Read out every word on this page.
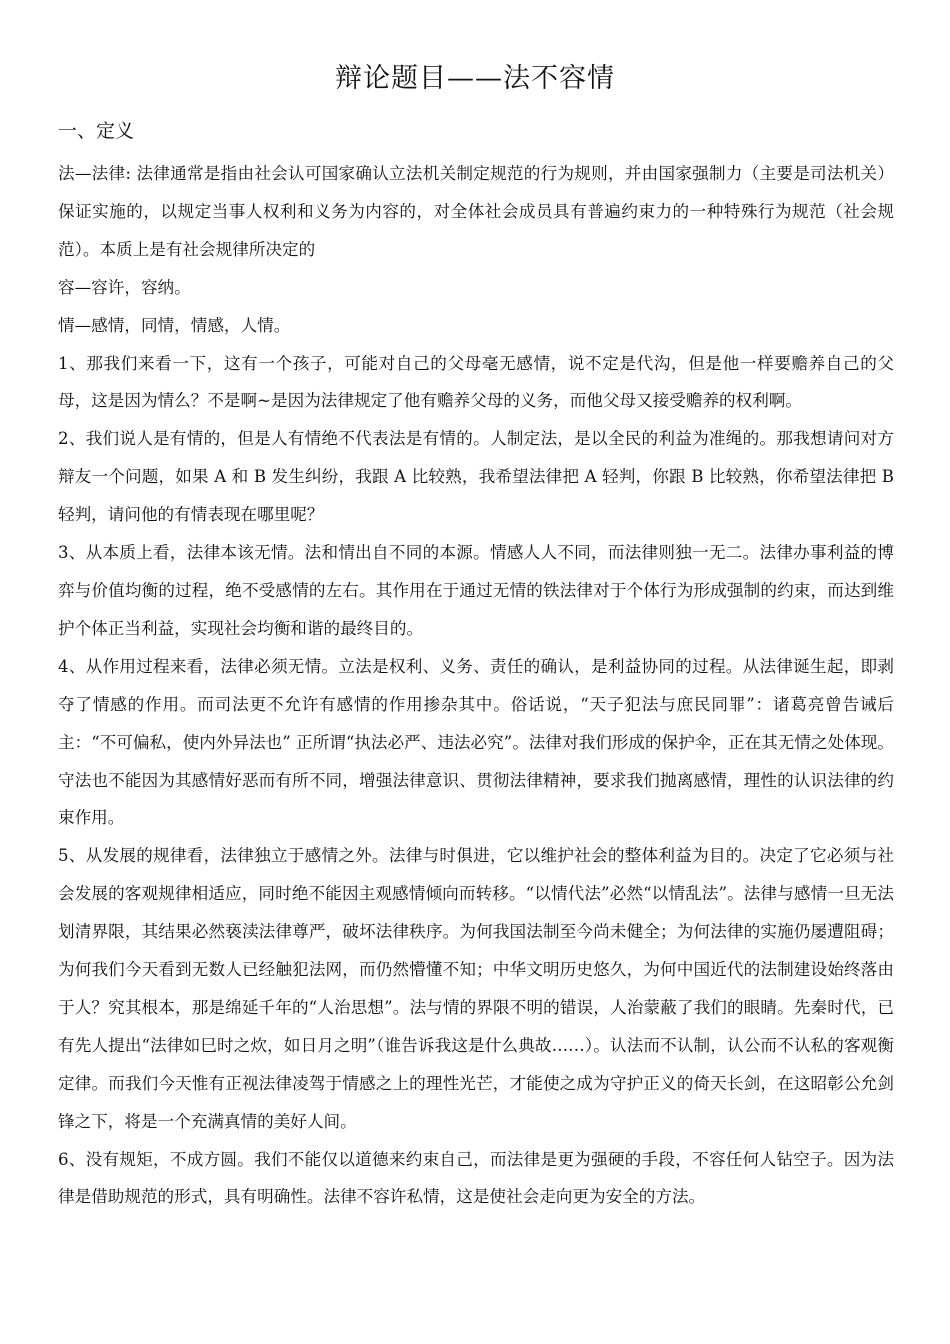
辩论题目——法不容情
一、定义

法—法律: 法律通常是指由社会认可国家确认立法机关制定规范的行为规则，并由国家强制力（主要是司法机关）保证实施的，以规定当事人权利和义务为内容的，对全体社会成员具有普遍约束力的一种特殊行为规范（社会规范）。本质上是有社会规律所决定的

容—容许，容纳。

情—感情，同情，情感，人情。

1、那我们来看一下，这有一个孩子，可能对自己的父母毫无感情，说不定是代沟，但是他一样要赡养自己的父母，这是因为情么？不是啊~是因为法律规定了他有赡养父母的义务，而他父母又接受赡养的权利啊。

2、我们说人是有情的，但是人有情绝不代表法是有情的。人制定法，是以全民的利益为准绳的。那我想请问对方辩友一个问题，如果 A 和 B 发生纠纷，我跟 A 比较熟，我希望法律把 A 轻判，你跟 B 比较熟，你希望法律把 B 轻判，请问他的有情表现在哪里呢？

3、从本质上看，法律本该无情。法和情出自不同的本源。情感人人不同，而法律则独一无二。法律办事利益的博弈与价值均衡的过程，绝不受感情的左右。其作用在于通过无情的铁法律对于个体行为形成强制的约束，而达到维护个体正当利益，实现社会均衡和谐的最终目的。

4、从作用过程来看，法律必须无情。立法是权利、义务、责任的确认，是利益协同的过程。从法律诞生起，即剥夺了情感的作用。而司法更不允许有感情的作用掺杂其中。俗话说，“天子犯法与庶民同罪”：诸葛亮曾告诫后主：“不可偏私，使内外异法也” 正所谓“执法必严、违法必究”。法律对我们形成的保护伞，正在其无情之处体现。守法也不能因为其感情好恶而有所不同，增强法律意识、贯彻法律精神，要求我们抛离感情，理性的认识法律的约束作用。

5、从发展的规律看，法律独立于感情之外。法律与时俱进，它以维护社会的整体利益为目的。决定了它必须与社会发展的客观规律相适应，同时绝不能因主观感情倾向而转移。“以情代法”必然“以情乱法”。法律与感情一旦无法划清界限，其结果必然亵渎法律尊严，破坏法律秩序。为何我国法制至今尚未健全；为何法律的实施仍屡遭阻碍；为何我们今天看到无数人已经触犯法网，而仍然懵懂不知；中华文明历史悠久，为何中国近代的法制建设始终落由于人？究其根本，那是绵延千年的“人治思想”。法与情的界限不明的错误，人治蒙蔽了我们的眼睛。先秦时代，已有先人提出“法律如巳时之炊，如日月之明”（谁告诉我这是什么典故……）。认法而不认制，认公而不认私的客观衡定律。而我们今天惟有正视法律凌驾于情感之上的理性光芒，才能使之成为守护正义的倚天长剑，在这昭彰公允剑锋之下，将是一个充满真情的美好人间。

6、没有规矩，不成方圆。我们不能仅以道德来约束自己，而法律是更为强硬的手段，不容任何人钻空子。因为法律是借助规范的形式，具有明确性。法律不容许私情，这是使社会走向更为安全的方法。
